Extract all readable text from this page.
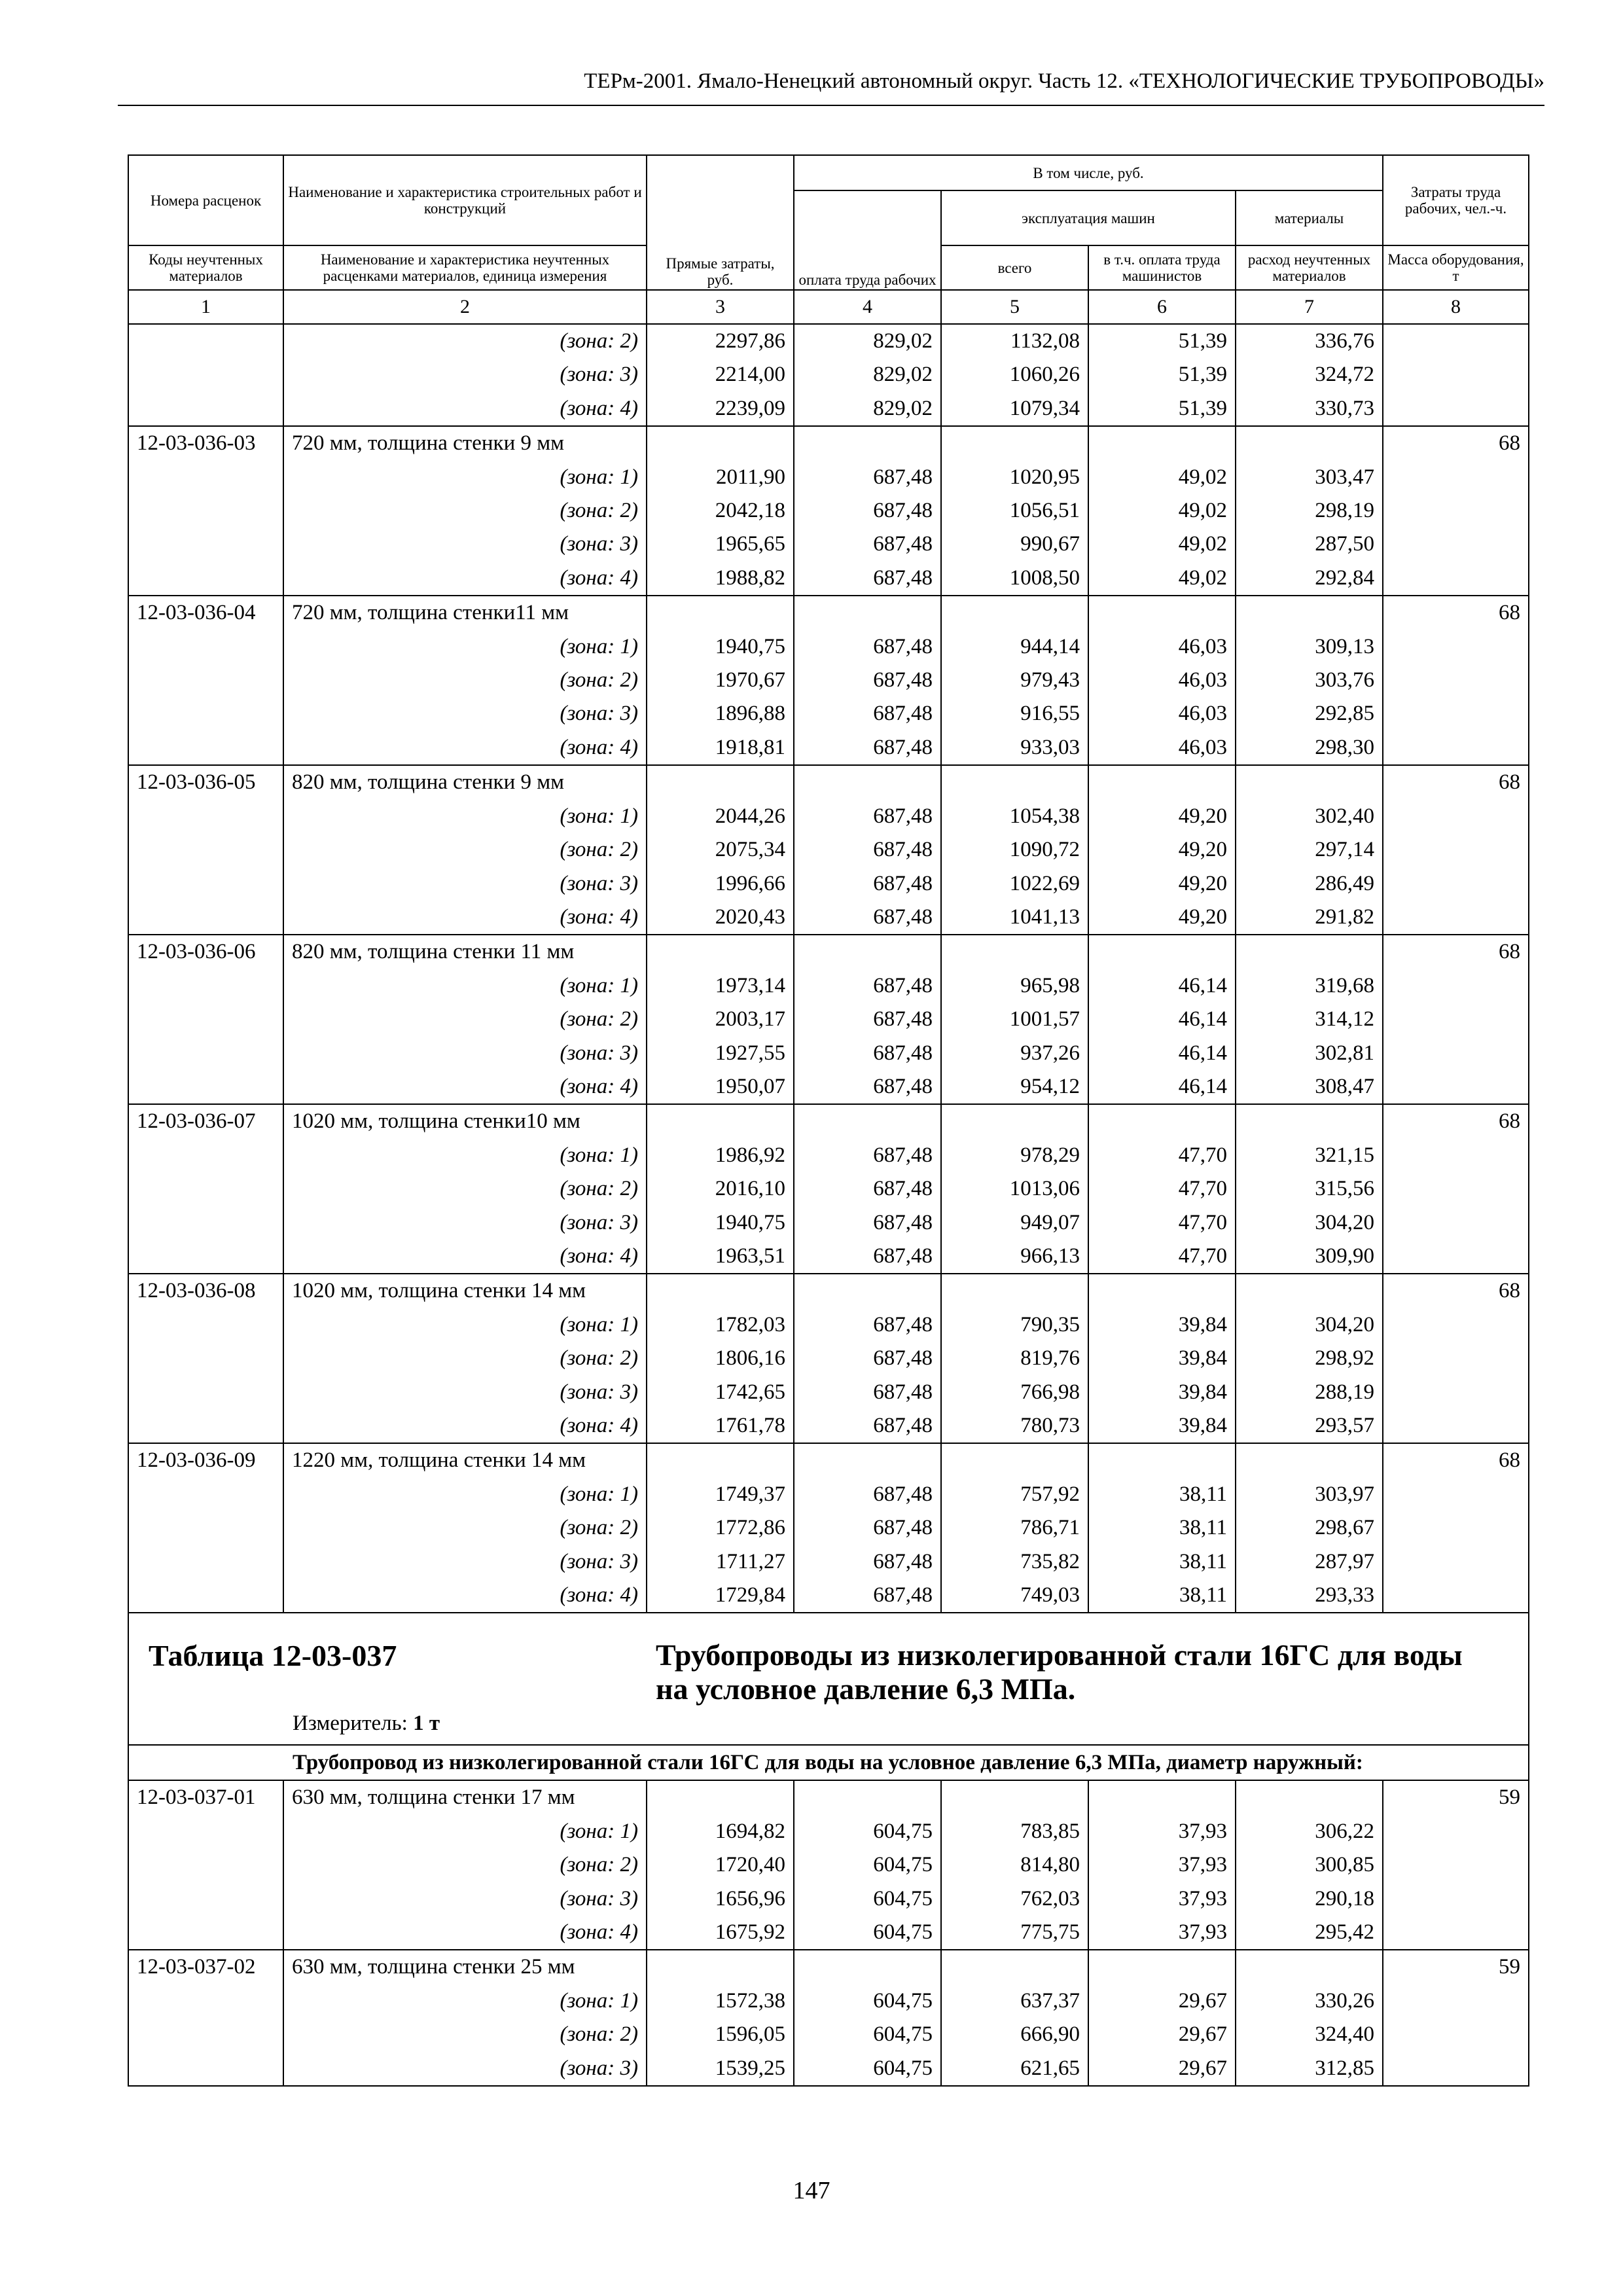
ТЕРм-2001. Ямало-Ненецкий автономный округ. Часть 12. «ТЕХНОЛОГИЧЕСКИЕ ТРУБОПРОВОДЫ»
Номера расценок	Наименование и характеристика строительных работ и конструкций	Прямые затраты, руб.	В том числе, руб.				Затраты труда рабочих, чел.-ч.
			оплата труда рабочих	эксплуатация машин		материалы	
Коды неучтенных материалов	Наименование и характеристика неучтенных расценками материалов, единица измерения			всего	в т.ч. оплата труда машинистов	расход неучтенных материалов	Масса оборудования, т
1	2	3	4	5	6	7	8
	(зона: 2)	2297,86	829,02	1132,08	51,39	336,76	
	(зона: 3)	2214,00	829,02	1060,26	51,39	324,72	
	(зона: 4)	2239,09	829,02	1079,34	51,39	330,73	
12-03-036-03	720 мм, толщина стенки 9 мм						68
	(зона: 1)	2011,90	687,48	1020,95	49,02	303,47	
	(зона: 2)	2042,18	687,48	1056,51	49,02	298,19	
	(зона: 3)	1965,65	687,48	990,67	49,02	287,50	
	(зона: 4)	1988,82	687,48	1008,50	49,02	292,84	
12-03-036-04	720 мм, толщина стенки11 мм						68
	(зона: 1)	1940,75	687,48	944,14	46,03	309,13	
	(зона: 2)	1970,67	687,48	979,43	46,03	303,76	
	(зона: 3)	1896,88	687,48	916,55	46,03	292,85	
	(зона: 4)	1918,81	687,48	933,03	46,03	298,30	
12-03-036-05	820 мм, толщина стенки 9 мм						68
	(зона: 1)	2044,26	687,48	1054,38	49,20	302,40	
	(зона: 2)	2075,34	687,48	1090,72	49,20	297,14	
	(зона: 3)	1996,66	687,48	1022,69	49,20	286,49	
	(зона: 4)	2020,43	687,48	1041,13	49,20	291,82	
12-03-036-06	820 мм, толщина стенки 11 мм						68
	(зона: 1)	1973,14	687,48	965,98	46,14	319,68	
	(зона: 2)	2003,17	687,48	1001,57	46,14	314,12	
	(зона: 3)	1927,55	687,48	937,26	46,14	302,81	
	(зона: 4)	1950,07	687,48	954,12	46,14	308,47	
12-03-036-07	1020 мм, толщина стенки10 мм						68
	(зона: 1)	1986,92	687,48	978,29	47,70	321,15	
	(зона: 2)	2016,10	687,48	1013,06	47,70	315,56	
	(зона: 3)	1940,75	687,48	949,07	47,70	304,20	
	(зона: 4)	1963,51	687,48	966,13	47,70	309,90	
12-03-036-08	1020 мм, толщина стенки 14 мм						68
	(зона: 1)	1782,03	687,48	790,35	39,84	304,20	
	(зона: 2)	1806,16	687,48	819,76	39,84	298,92	
	(зона: 3)	1742,65	687,48	766,98	39,84	288,19	
	(зона: 4)	1761,78	687,48	780,73	39,84	293,57	
12-03-036-09	1220 мм, толщина стенки 14 мм						68
	(зона: 1)	1749,37	687,48	757,92	38,11	303,97	
	(зона: 2)	1772,86	687,48	786,71	38,11	298,67	
	(зона: 3)	1711,27	687,48	735,82	38,11	287,97	
	(зона: 4)	1729,84	687,48	749,03	38,11	293,33	

Таблица 12-03-037 Трубопроводы из низколегированной стали 16ГС для воды на условное давление 6,3 МПа.
Измеритель: 1 т							

Трубопровод из низколегированной стали 16ГС для воды на условное давление 6,3 МПа, диаметр наружный:							
12-03-037-01	630 мм, толщина стенки 17 мм						59
	(зона: 1)	1694,82	604,75	783,85	37,93	306,22	
	(зона: 2)	1720,40	604,75	814,80	37,93	300,85	
	(зона: 3)	1656,96	604,75	762,03	37,93	290,18	
	(зона: 4)	1675,92	604,75	775,75	37,93	295,42	
12-03-037-02	630 мм, толщина стенки 25 мм						59
	(зона: 1)	1572,38	604,75	637,37	29,67	330,26	
	(зона: 2)	1596,05	604,75	666,90	29,67	324,40	
	(зона: 3)	1539,25	604,75	621,65	29,67	312,85	
147
